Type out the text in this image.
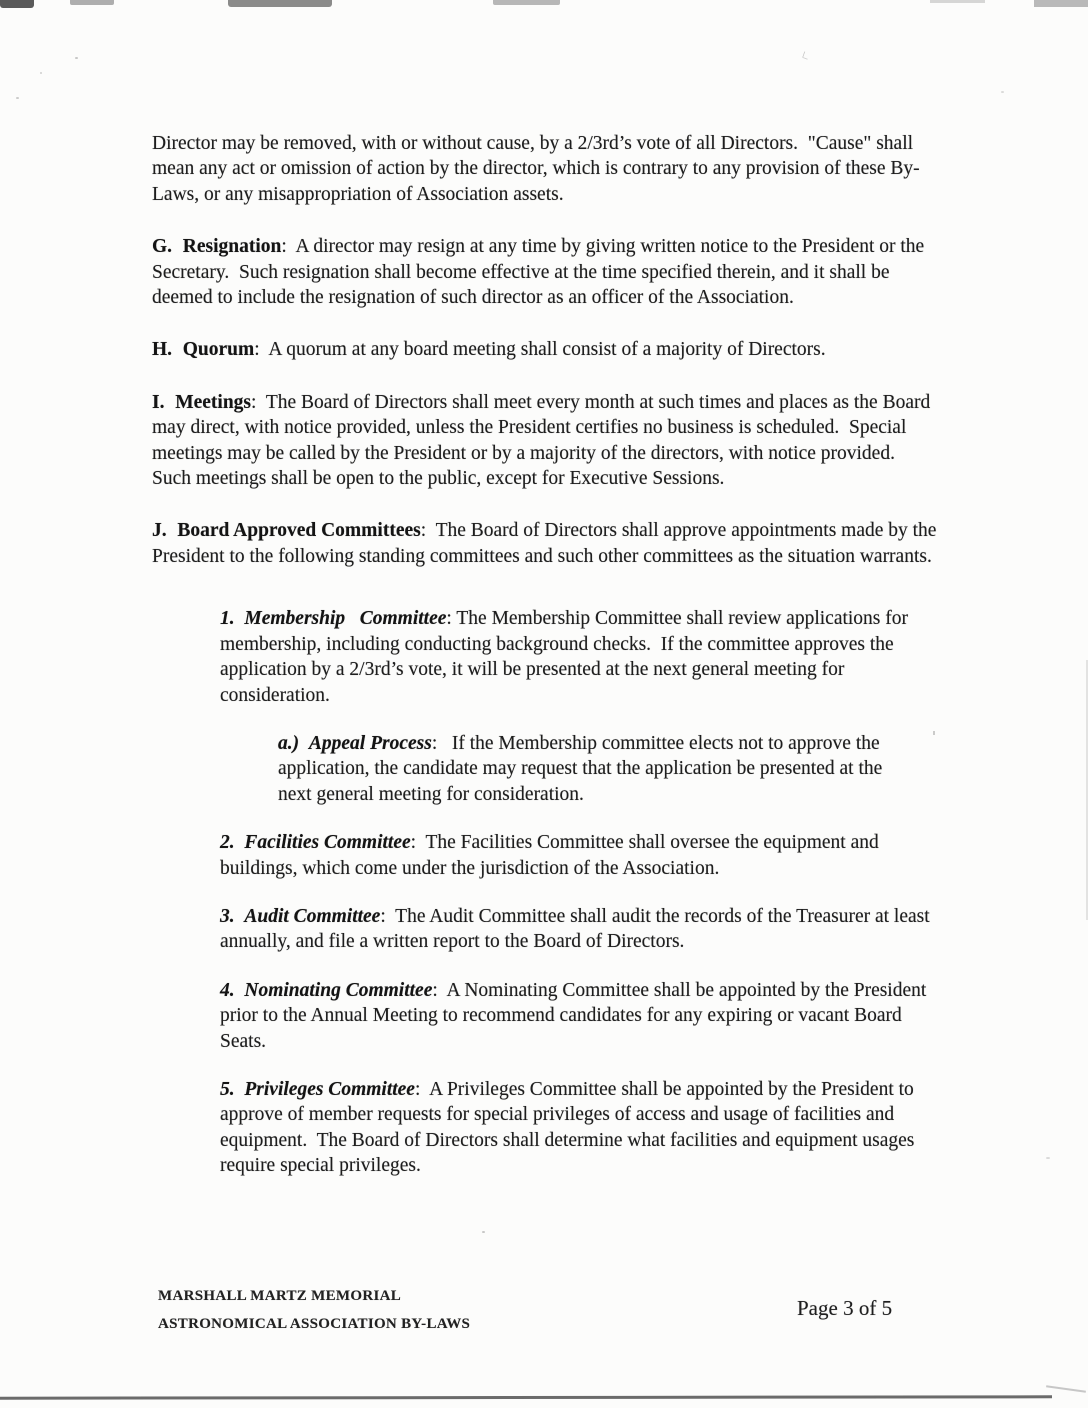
Director may be removed, with or without cause, by a 2/3rd’s vote of all Directors.  "Cause" shall mean any act or omission of action by the director, which is contrary to any provision of these By-Laws, or any misappropriation of Association assets.

G. Resignation:  A director may resign at any time by giving written notice to the President or the Secretary.  Such resignation shall become effective at the time specified therein, and it shall be deemed to include the resignation of such director as an officer of the Association.

H. Quorum:  A quorum at any board meeting shall consist of a majority of Directors.

I. Meetings:  The Board of Directors shall meet every month at such times and places as the Board may direct, with notice provided, unless the President certifies no business is scheduled.  Special meetings may be called by the President or by a majority of the directors, with notice provided.  Such meetings shall be open to the public, except for Executive Sessions.

J. Board Approved Committees:  The Board of Directors shall approve appointments made by the President to the following standing committees and such other committees as the situation warrants.

1. Membership   Committee: The Membership Committee shall review applications for membership, including conducting background checks.  If the committee approves the application by a 2/3rd’s vote, it will be presented at the next general meeting for consideration.

a.) Appeal Process:   If the Membership committee elects not to approve the application, the candidate may request that the application be presented at the next general meeting for consideration.

2. Facilities Committee:  The Facilities Committee shall oversee the equipment and buildings, which come under the jurisdiction of the Association.

3. Audit Committee:  The Audit Committee shall audit the records of the Treasurer at least annually, and file a written report to the Board of Directors.

4. Nominating Committee:  A Nominating Committee shall be appointed by the President prior to the Annual Meeting to recommend candidates for any expiring or vacant Board Seats.

5. Privileges Committee:  A Privileges Committee shall be appointed by the President to approve of member requests for special privileges of access and usage of facilities and equipment.  The Board of Directors shall determine what facilities and equipment usages require special privileges.

MARSHALL MARTZ MEMORIAL
ASTRONOMICAL ASSOCIATION BY-LAWS
Page 3 of 5
